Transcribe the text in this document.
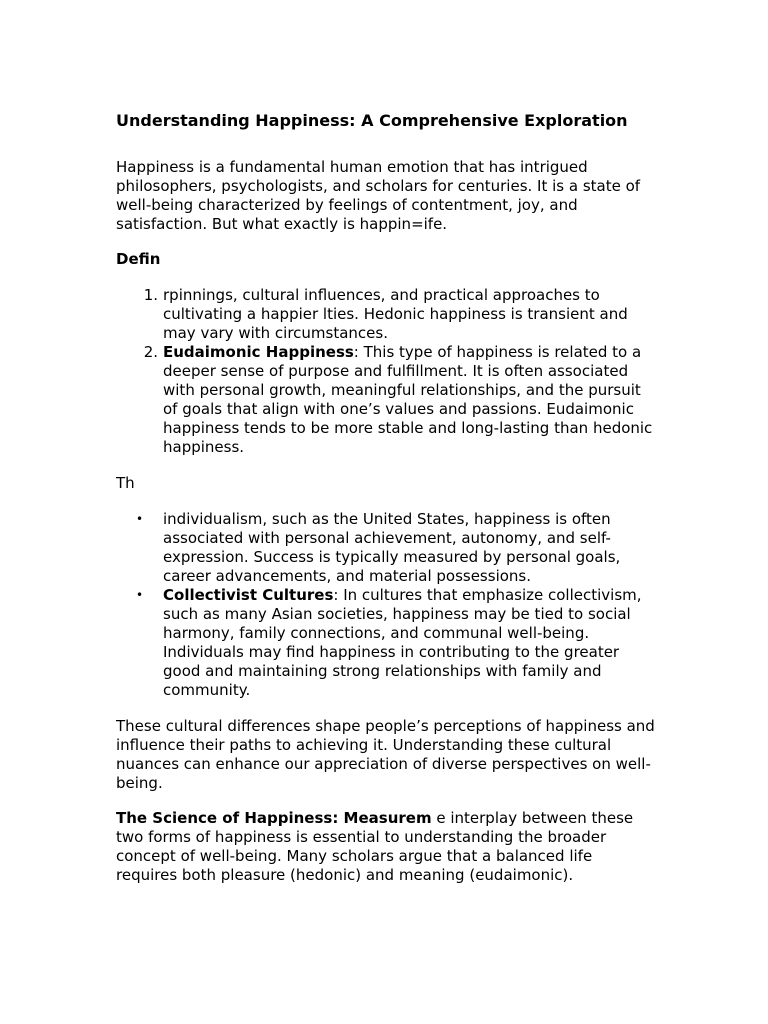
Understanding Happiness: A Comprehensive Exploration

Happiness is a fundamental human emotion that has intrigued philosophers, psychologists, and scholars for centuries. It is a state of well-being characterized by feelings of contentment, joy, and satisfaction. But what exactly is happin=ife.

Defin

1. rpinnings, cultural influences, and practical approaches to cultivating a happier lties. Hedonic happiness is transient and may vary with circumstances.
2. Eudaimonic Happiness: This type of happiness is related to a deeper sense of purpose and fulfillment. It is often associated with personal growth, meaningful relationships, and the pursuit of goals that align with one’s values and passions. Eudaimonic happiness tends to be more stable and long-lasting than hedonic happiness.

Th

• individualism, such as the United States, happiness is often associated with personal achievement, autonomy, and self-expression. Success is typically measured by personal goals, career advancements, and material possessions.
• Collectivist Cultures: In cultures that emphasize collectivism, such as many Asian societies, happiness may be tied to social harmony, family connections, and communal well-being. Individuals may find happiness in contributing to the greater good and maintaining strong relationships with family and community.

These cultural differences shape people’s perceptions of happiness and influence their paths to achieving it. Understanding these cultural nuances can enhance our appreciation of diverse perspectives on well-being.

The Science of Happiness: Measurem e interplay between these two forms of happiness is essential to understanding the broader concept of well-being. Many scholars argue that a balanced life requires both pleasure (hedonic) and meaning (eudaimonic).
